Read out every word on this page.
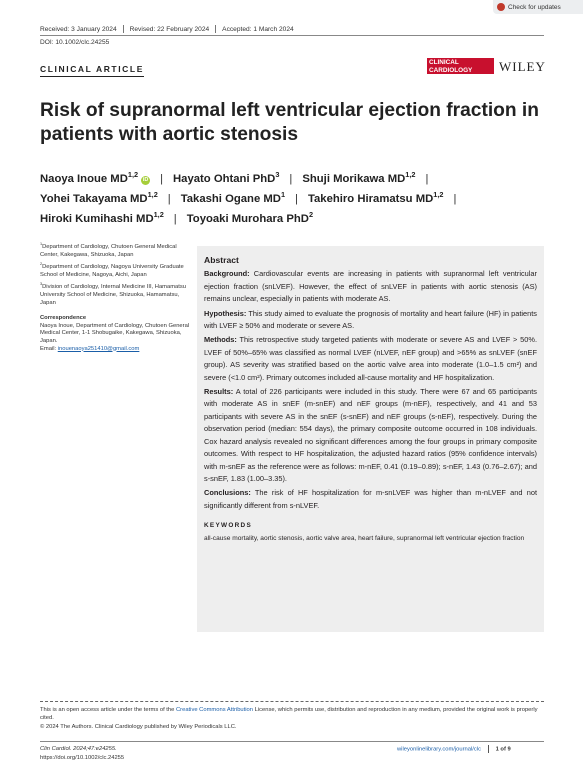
Check for updates
Received: 3 January 2024 Revised: 22 February 2024 Accepted: 1 March 2024
DOI: 10.1002/clc.24255
CLINICAL ARTICLE
CLINICAL
CARDIOLOGY	WILEY
Risk of supranormal left ventricular ejection fraction in patients with aortic stenosis
Naoya Inoue MD$^{1,2}$iD | Hayato Ohtani PhD$^3$ | Shuji Morikawa MD$^{1,2}$ |
Yohei Takayama MD$^{1,2}$ | Takashi Ogane $MD^1$ | Takehiro Hiramatsu MD$^{1,2}$ |
Hiroki Kumihashi MD$^{1,2}$ | Toyoaki Murohara PhD$^2$

$^1$Department of Cardiology, Chutoen General Medical Center, Kakegawa, Shizuoka, Japan

$^2$Department of Cardiology, Nagoya University Graduate School of Medicine, Nagoya, Aichi, Japan

$^3$Division of Cardiology, Internal Medicine III, Hamamatsu University School of Medicine, Shizuoka, Hamamatsu, Japan

Correspondence
Naoya Inoue, Department of Cardiology, Chutoen General Medical Center, 1-1 Shobugaike, Kakegawa, Shizuoka, Japan.
Email: inouenaoya251410@gmail.com

Abstract

Background: Cardiovascular events are increasing in patients with supranormal left ventricular ejection fraction (snLVEF). However, the effect of snLVEF in patients with aortic stenosis (AS) remains unclear, especially in patients with moderate AS.

Hypothesis: This study aimed to evaluate the prognosis of mortality and heart failure (HF) in patients with LVEF ≥ 50% and moderate or severe AS.

Methods: This retrospective study targeted patients with moderate or severe AS and LVEF > 50%. LVEF of 50%–65% was classified as normal LVEF (nLVEF, nEF group) and >65% as snLVEF (snEF group). AS severity was stratified based on the aortic valve area into moderate (1.0–1.5 cm²) and severe (<1.0 cm²). Primary outcomes included all-cause mortality and HF hospitalization.

Results: A total of 226 participants were included in this study. There were 67 and 65 participants with moderate AS in snEF (m-snEF) and nEF groups (m-nEF), respectively, and 41 and 53 participants with severe AS in the snEF (s-snEF) and nEF groups (s-nEF), respectively. During the observation period (median: 554 days), the primary composite outcome occurred in 108 individuals. Cox hazard analysis revealed no significant differences among the four groups in primary composite outcomes. With respect to HF hospitalization, the adjusted hazard ratios (95% confidence intervals) with m-snEF as the reference were as follows: m-nEF, 0.41 (0.19–0.89); s-nEF, 1.43 (0.76–2.67); and s-snEF, 1.83 (1.00–3.35).

Conclusions: The risk of HF hospitalization for m-snLVEF was higher than m-nLVEF and not significantly different from s-nLVEF.

KEYWORDS
all-cause mortality, aortic stenosis, aortic valve area, heart failure, supranormal left ventricular ejection fraction
This is an open access article under the terms of the Creative Commons Attribution License, which permits use, distribution and reproduction in any medium, provided the original work is properly cited.
© 2024 The Authors. Clinical Cardiology published by Wiley Periodicals LLC.
Clin Cardiol. 2024;47:e24255.
https://doi.org/10.1002/clc.24255
wileyonlinelibrary.com/journal/clc	1 of 9
